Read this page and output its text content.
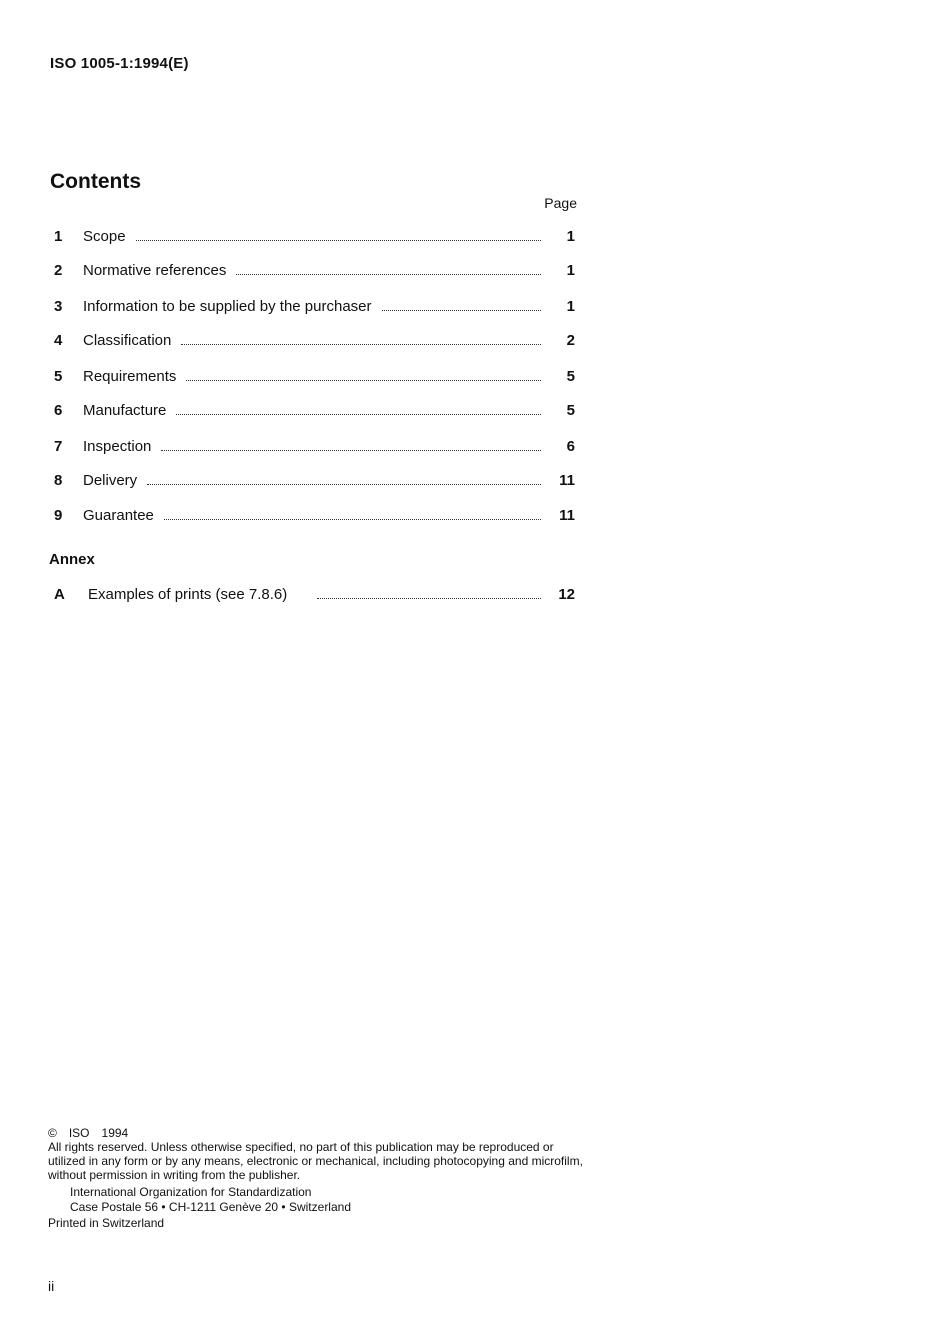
ISO 1005-1:1994(E)
Contents
Page
1	Scope	1
2	Normative references	1
3	Information to be supplied by the purchaser	1
4	Classification	2
5	Requirements	5
6	Manufacture	5
7	Inspection	6
8	Delivery	11
9	Guarantee	11
Annex
A	Examples of prints (see 7.8.6)	12
© ISO 1994

All rights reserved. Unless otherwise specified, no part of this publication may be reproduced or utilized in any form or by any means, electronic or mechanical, including photocopying and microfilm, without permission in writing from the publisher.

International Organization for Standardization
Case Postale 56 • CH-1211 Genève 20 • Switzerland
Printed in Switzerland
ii
